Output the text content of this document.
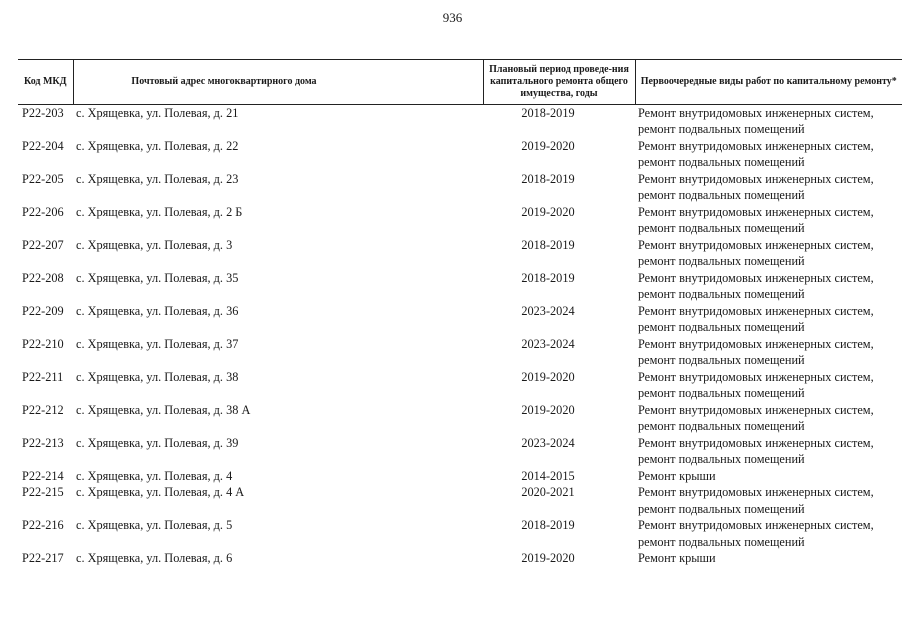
936
Код МКД	Почтовый адрес многоквартирного дома	Плановый период проведе-ния капитального ремонта общего имущества, годы	Первоочередные виды работ по капитальному ремонту*
Р22-203	с. Хрящевка, ул. Полевая, д. 21	2018-2019	Ремонт внутридомовых инженерных систем, ремонт подвальных помещений
Р22-204	с. Хрящевка, ул. Полевая, д. 22	2019-2020	Ремонт внутридомовых инженерных систем, ремонт подвальных помещений
Р22-205	с. Хрящевка, ул. Полевая, д. 23	2018-2019	Ремонт внутридомовых инженерных систем, ремонт подвальных помещений
Р22-206	с. Хрящевка, ул. Полевая, д. 2 Б	2019-2020	Ремонт внутридомовых инженерных систем, ремонт подвальных помещений
Р22-207	с. Хрящевка, ул. Полевая, д. 3	2018-2019	Ремонт внутридомовых инженерных систем, ремонт подвальных помещений
Р22-208	с. Хрящевка, ул. Полевая, д. 35	2018-2019	Ремонт внутридомовых инженерных систем, ремонт подвальных помещений
Р22-209	с. Хрящевка, ул. Полевая, д. 36	2023-2024	Ремонт внутридомовых инженерных систем, ремонт подвальных помещений
Р22-210	с. Хрящевка, ул. Полевая, д. 37	2023-2024	Ремонт внутридомовых инженерных систем, ремонт подвальных помещений
Р22-211	с. Хрящевка, ул. Полевая, д. 38	2019-2020	Ремонт внутридомовых инженерных систем, ремонт подвальных помещений
Р22-212	с. Хрящевка, ул. Полевая, д. 38 А	2019-2020	Ремонт внутридомовых инженерных систем, ремонт подвальных помещений
Р22-213	с. Хрящевка, ул. Полевая, д. 39	2023-2024	Ремонт внутридомовых инженерных систем, ремонт подвальных помещений
Р22-214	с. Хрящевка, ул. Полевая, д. 4	2014-2015	Ремонт крыши
Р22-215	с. Хрящевка, ул. Полевая, д. 4 А	2020-2021	Ремонт внутридомовых инженерных систем, ремонт подвальных помещений
Р22-216	с. Хрящевка, ул. Полевая, д. 5	2018-2019	Ремонт внутридомовых инженерных систем, ремонт подвальных помещений
Р22-217	с. Хрящевка, ул. Полевая, д. 6	2019-2020	Ремонт крыши
